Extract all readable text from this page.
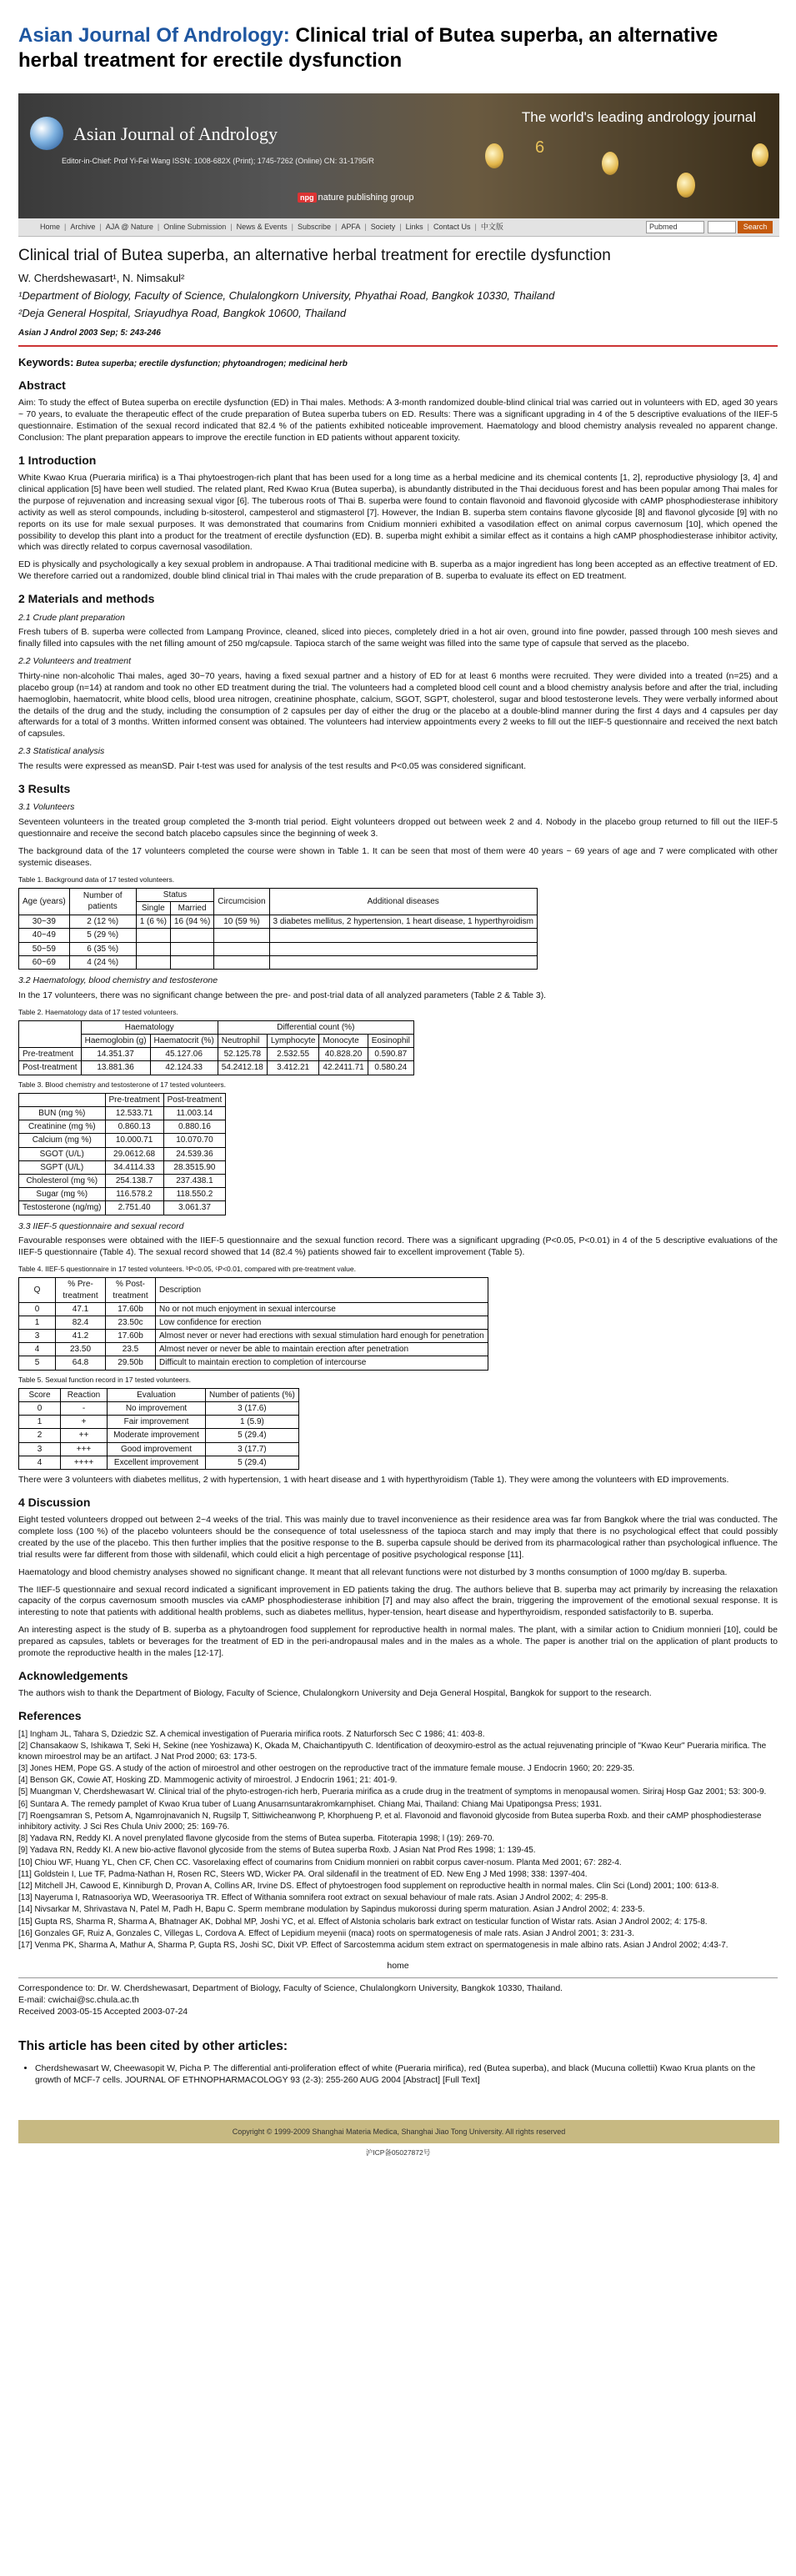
Asian Journal Of Andrology: Clinical trial of Butea superba, an alternative herbal treatment for erectile dysfunction
Asian Journal of Andrology
Editor-in-Chief: Prof Yi-Fei Wang ISSN: 1008-682X (Print); 1745-7262 (Online) CN: 31-1795/R
The world's leading andrology journal
6
npg nature publishing group
Home | Archive | AJA @ Nature | Online Submission | News & Events | Subscribe | APFA | Society | Links | Contact Us | 中文版	Pubmed	Search
Clinical trial of Butea superba, an alternative herbal treatment for erectile dysfunction
W. Cherdshewasart¹, N. Nimsakul²
¹Department of Biology, Faculty of Science, Chulalongkorn University, Phyathai Road, Bangkok 10330, Thailand
²Deja General Hospital, Sriayudhya Road, Bangkok 10600, Thailand
Asian J Androl 2003 Sep; 5: 243-246
Keywords: Butea superba; erectile dysfunction; phytoandrogen; medicinal herb
Abstract

Aim: To study the effect of Butea superba on erectile dysfunction (ED) in Thai males. Methods: A 3-month randomized double-blind clinical trial was carried out in volunteers with ED, aged 30 years ~ 70 years, to evaluate the therapeutic effect of the crude preparation of Butea superba tubers on ED. Results: There was a significant upgrading in 4 of the 5 descriptive evaluations of the IIEF-5 questionnaire. Estimation of the sexual record indicated that 82.4 % of the patients exhibited noticeable improvement. Haematology and blood chemistry analysis revealed no apparent change. Conclusion: The plant preparation appears to improve the erectile function in ED patients without apparent toxicity.

1 Introduction

White Kwao Kruа (Pueraria mirifica) is a Thai phytoestrogen-rich plant that has been used for a long time as a herbal medicine and its chemical contents [1, 2], reproductive physiology [3, 4] and clinical application [5] have been well studied. The related plant, Red Kwao Krua (Butea superba), is abundantly distributed in the Thai deciduous forest and has been popular among Thai males for the purpose of rejuvenation and increasing sexual vigor [6]. The tuberous roots of Thai B. superba were found to contain flavonoid and flavonoid glycoside with cAMP phosphodiesterase inhibitory activity as well as sterol compounds, including b-sitosterol, campesterol and stigmasterol [7]. However, the Indian B. superba stem contains flavone glycoside [8] and flavonol glycoside [9] with no reports on its use for male sexual purposes. It was demonstrated that coumarins from Cnidium monnieri exhibited a vasodilation effect on animal corpus cavernosum [10], which opened the possibility to develop this plant into a product for the treatment of erectile dysfunction (ED). B. superba might exhibit a similar effect as it contains a high cAMP phosphodiesterase inhibitor activity, which was directly related to corpus cavernosal vasodilation.

ED is physically and psychologically a key sexual problem in andropause. A Thai traditional medicine with B. superba as a major ingredient has long been accepted as an effective treatment of ED. We therefore carried out a randomized, double blind clinical trial in Thai males with the crude preparation of B. superba to evaluate its effect on ED treatment.

2 Materials and methods
2.1 Crude plant preparation

Fresh tubers of B. superba were collected from Lampang Province, cleaned, sliced into pieces, completely dried in a hot air oven, ground into fine powder, passed through 100 mesh sieves and finally filled into capsules with the net filling amount of 250 mg/capsule. Tapioca starch of the same weight was filled into the same type of capsule that served as the placebo.

2.2 Volunteers and treatment

Thirty-nine non-alcoholic Thai males, aged 30~70 years, having a fixed sexual partner and a history of ED for at least 6 months were recruited. They were divided into a treated (n=25) and a placebo group (n=14) at random and took no other ED treatment during the trial. The volunteers had a completed blood cell count and a blood chemistry analysis before and after the trial, including haemoglobin, haematocrit, white blood cells, blood urea nitrogen, creatinine phosphate, calcium, SGOT, SGPT, cholesterol, sugar and blood testosterone levels. They were verbally informed about the details of the drug and the study, including the consumption of 2 capsules per day of either the drug or the placebo at a double-blind manner during the first 4 days and 4 capsules per day afterwards for a total of 3 months. Written informed consent was obtained. The volunteers had interview appointments every 2 weeks to fill out the IIEF-5 questionnaire and received the next batch of capsules.

2.3 Statistical analysis

The results were expressed as meanSD. Pair t-test was used for analysis of the test results and P<0.05 was considered significant.

3 Results
3.1 Volunteers

Seventeen volunteers in the treated group completed the 3-month trial period. Eight volunteers dropped out between week 2 and 4. Nobody in the placebo group returned to fill out the IIEF-5 questionnaire and receive the second batch placebo capsules since the beginning of week 3.

The background data of the 17 volunteers completed the course were shown in Table 1. It can be seen that most of them were 40 years ~ 69 years of age and 7 were complicated with other systemic diseases.

Table 1. Background data of 17 tested volunteers.
Age (years)	Number of patients	Status		Circumcision	Additional diseases
		Single	Married		
30~39	2 (12 %)	1 (6 %)	16 (94 %)	10 (59 %)	3 diabetes mellitus, 2 hypertension, 1 heart disease, 1 hyperthyroidism
40~49	5 (29 %)				
50~59	6 (35 %)				
60~69	4 (24 %)				
3.2 Haematology, blood chemistry and testosterone

In the 17 volunteers, there was no significant change between the pre- and post-trial data of all analyzed parameters (Table 2 & Table 3).

Table 2. Haematology data of 17 tested volunteers.
	Haematology		Differential count (%)			
	Haemoglobin (g)	Haematocrit (%)	Neutrophil	Lymphocyte	Monocyte	Eosinophil
Pre-treatment	14.351.37	45.127.06	52.125.78	2.532.55	40.828.20	0.590.87
Post-treatment	13.881.36	42.124.33	54.2412.18	3.412.21	42.2411.71	0.580.24
Table 3. Blood chemistry and testosterone of 17 tested volunteers.
	Pre-treatment	Post-treatment
BUN (mg %)	12.533.71	11.003.14
Creatinine (mg %)	0.860.13	0.880.16
Calcium (mg %)	10.000.71	10.070.70
SGOT (U/L)	29.0612.68	24.539.36
SGPT (U/L)	34.4114.33	28.3515.90
Cholesterol (mg %)	254.138.7	237.438.1
Sugar (mg %)	116.578.2	118.550.2
Testosterone (ng/mg)	2.751.40	3.061.37
3.3 IIEF-5 questionnaire and sexual record

Favourable responses were obtained with the IIEF-5 questionnaire and the sexual function record. There was a significant upgrading (P<0.05, P<0.01) in 4 of the 5 descriptive evaluations of the IIEF-5 questionnaire (Table 4). The sexual record showed that 14 (82.4 %) patients showed fair to excellent improvement (Table 5).

Table 4. IIEF-5 questionnaire in 17 tested volunteers. ᵇP<0.05, ᶜP<0.01, compared with pre-treatment value.
Q	% Pre-treatment	% Post-treatment	Description
0	47.1	17.60b	No or not much enjoyment in sexual intercourse
1	82.4	23.50c	Low confidence for erection
3	41.2	17.60b	Almost never or never had erections with sexual stimulation hard enough for penetration
4	23.50	23.5	Almost never or never be able to maintain erection after penetration
5	64.8	29.50b	Difficult to maintain erection to completion of intercourse
Table 5. Sexual function record in 17 tested volunteers.
Score	Reaction	Evaluation	Number of patients (%)
0	-	No improvement	3 (17.6)
1	+	Fair improvement	1 (5.9)
2	++	Moderate improvement	5 (29.4)
3	+++	Good improvement	3 (17.7)
4	++++	Excellent improvement	5 (29.4)

There were 3 volunteers with diabetes mellitus, 2 with hypertension, 1 with heart disease and 1 with hyperthyroidism (Table 1). They were among the volunteers with ED improvements.

4 Discussion

Eight tested volunteers dropped out between 2~4 weeks of the trial. This was mainly due to travel inconvenience as their residence area was far from Bangkok where the trial was conducted. The complete loss (100 %) of the placebo volunteers should be the consequence of total uselessness of the tapioca starch and may imply that there is no psychological effect that could possibly created by the use of the placebo. This then further implies that the positive response to the B. superba capsule should be derived from its pharmacological rather than psychological influence. The trial results were far different from those with sildenafil, which could elicit a high percentage of positive psychological response [11].

Haematology and blood chemistry analyses showed no significant change. It meant that all relevant functions were not disturbed by 3 months consumption of 1000 mg/day B. superba.

The IIEF-5 questionnaire and sexual record indicated a significant improvement in ED patients taking the drug. The authors believe that B. superba may act primarily by increasing the relaxation capacity of the corpus cavernosum smooth muscles via cAMP phosphodiesterase inhibition [7] and may also affect the brain, triggering the improvement of the emotional sexual response. It is interesting to note that patients with additional health problems, such as diabetes mellitus, hyper-tension, heart disease and hyperthyroidism, responded satisfactorily to B. superba.

An interesting aspect is the study of B. superba as a phytoandrogen food supplement for reproductive health in normal males. The plant, with a similar action to Cnidium monnieri [10], could be prepared as capsules, tablets or beverages for the treatment of ED in the peri-andropausal males and in the males as a whole. The paper is another trial on the application of plant products to promote the reproductive health in the males [12-17].

Acknowledgements

The authors wish to thank the Department of Biology, Faculty of Science, Chulalongkorn University and Deja General Hospital, Bangkok for support to the research.

References
[1] Ingham JL, Tahara S, Dziedzic SZ. A chemical investigation of Pueraria mirifica roots. Z Naturforsch Sec C 1986; 41: 403-8.
[2] Chansakaow S, Ishikawa T, Seki H, Sekine (nee Yoshizawa) K, Okada M, Chaichantipyuth C. Identification of deoxymiro-estrol as the actual rejuvenating principle of "Kwao Keur" Pueraria mirifica. The known miroestrol may be an artifact. J Nat Prod 2000; 63: 173-5.
[3] Jones HEM, Pope GS. A study of the action of miroestrol and other oestrogen on the reproductive tract of the immature female mouse. J Endocrin 1960; 20: 229-35.
[4] Benson GK, Cowie AT, Hosking ZD. Mammogenic activity of miroestrol. J Endocrin 1961; 21: 401-9.
[5] Muangman V, Cherdshewasart W. Clinical trial of the phyto-estrogen-rich herb, Pueraria mirifica as a crude drug in the treatment of symptoms in menopausal women. Siriraj Hosp Gaz 2001; 53: 300-9.
[6] Suntara A. The remedy pamplet of Kwao Krua tuber of Luang Anusarnsuntarakromkarnphiset. Chiang Mai, Thailand: Chiang Mai Upatipongsa Press; 1931.
[7] Roengsamran S, Petsom A, Ngamrojnavanich N, Rugsilp T, Sittiwicheanwong P, Khorphueng P, et al. Flavonoid and flavonoid glycoside from Butea superba Roxb. and their cAMP phosphodiesterase inhibitory activity. J Sci Res Chula Univ 2000; 25: 169-76.
[8] Yadava RN, Reddy KI. A novel prenylated flavone glycoside from the stems of Butea superba. Fitoterapia 1998; l (19): 269-70.
[9] Yadava RN, Reddy KI. A new bio-active flavonol glycoside from the stems of Butea superba Roxb. J Asian Nat Prod Res 1998; 1: 139-45.
[10] Chiou WF, Huang YL, Chen CF, Chen CC. Vasorelaxing effect of coumarins from Cnidium monnieri on rabbit corpus caver-nosum. Planta Med 2001; 67: 282-4.
[11] Goldstein I, Lue TF, Padma-Nathan H, Rosen RC, Steers WD, Wicker PA. Oral sildenafil in the treatment of ED. New Eng J Med 1998; 338: 1397-404.
[12] Mitchell JH, Cawood E, Kinniburgh D, Provan A, Collins AR, Irvine DS. Effect of phytoestrogen food supplement on reproductive health in normal males. Clin Sci (Lond) 2001; 100: 613-8.
[13] Nayeruma I, Ratnasooriya WD, Weerasooriya TR. Effect of Withania somnifera root extract on sexual behaviour of male rats. Asian J Androl 2002; 4: 295-8.
[14] Nivsarkar M, Shrivastava N, Patel M, Padh H, Bapu C. Sperm membrane modulation by Sapindus mukorossi during sperm maturation. Asian J Androl 2002; 4: 233-5.
[15] Gupta RS, Sharma R, Sharma A, Bhatnager AK, Dobhal MP, Joshi YC, et al. Effect of Alstonia scholaris bark extract on testicular function of Wistar rats. Asian J Androl 2002; 4: 175-8.
[16] Gonzales GF, Ruiz A, Gonzales C, Villegas L, Cordova A. Effect of Lepidium meyenii (maca) roots on spermatogenesis of male rats. Asian J Androl 2001; 3: 231-3.
[17] Venma PK, Sharma A, Mathur A, Sharma P, Gupta RS, Joshi SC, Dixit VP. Effect of Sarcostemma acidum stem extract on spermatogenesis in male albino rats. Asian J Androl 2002; 4:43-7.
home
Correspondence to: Dr. W. Cherdshewasart, Department of Biology, Faculty of Science, Chulalongkorn University, Bangkok 10330, Thailand.
E-mail: cwichai@sc.chula.ac.th
Received 2003-05-15 Accepted 2003-07-24
This article has been cited by other articles:
• Cherdshewasart W, Cheewasopit W, Picha P. The differential anti-proliferation effect of white (Pueraria mirifica), red (Butea superba), and black (Mucuna collettii) Kwao Krua plants on the growth of MCF-7 cells. JOURNAL OF ETHNOPHARMACOLOGY 93 (2-3): 255-260 AUG 2004 [Abstract] [Full Text]
Copyright © 1999-2009 Shanghai Materia Medica, Shanghai Jiao Tong University. All rights reserved
沪ICP备05027872号
